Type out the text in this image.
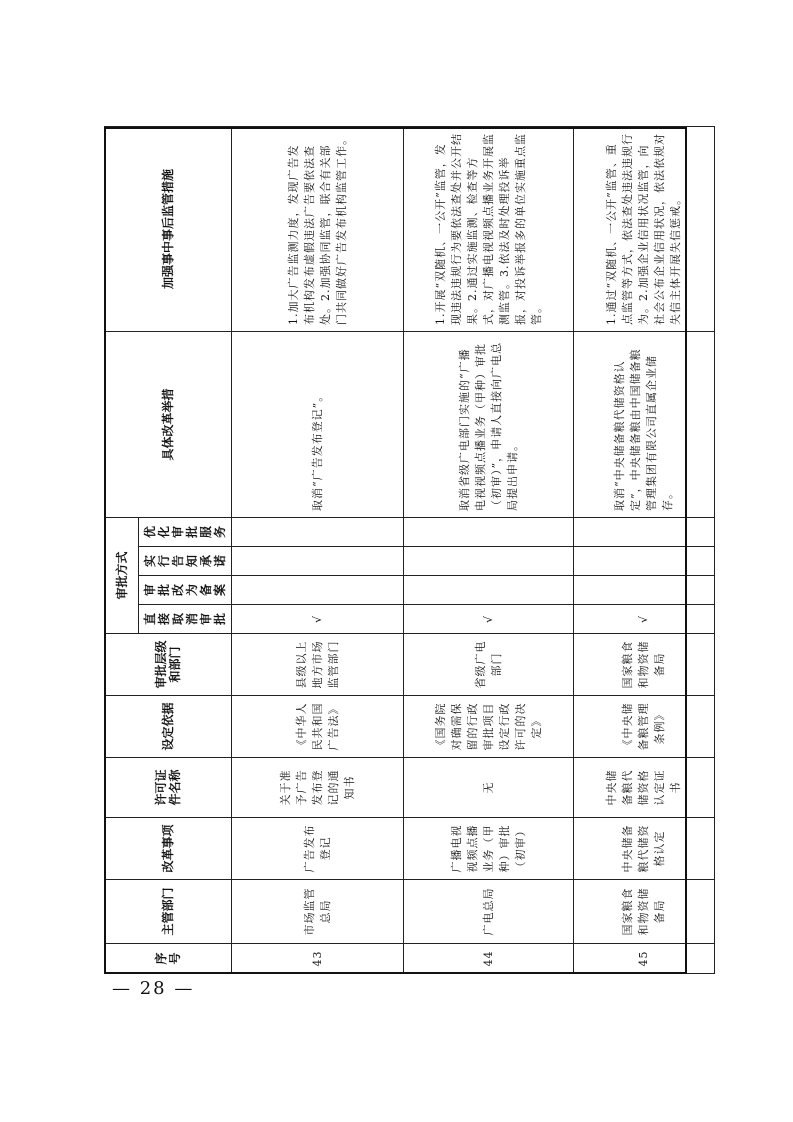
序号	主管部门	改革事项	许可证件名称	设定依据	审批层级和部门	审批方式				具体改革举措	加强事中事后监管措施
						直接取消审批	审批改为备案	实行告知承诺	优化审批服务		
43	市场监管总局	广告发布登记	关于准予广告发布登记的通知书	《中华人民共和国广告法》	县级以上地方市场监管部门	√				取消“广告发布登记”。	1.加大广告监测力度，发现广告发布机构发布虚假违法广告要依法查处。2.加强协同监管，联合有关部门共同做好广告发布机构监管工作。
44	广电总局	广播电视视频点播业务（甲种）审批（初审）	无	《国务院对确需保留的行政审批项目设定行政许可的决定》	省级广电部门	√				取消省级广电部门实施的“广播电视视频点播业务（甲种）审批（初审）”，申请人直接向广电总局提出申请。	1.开展“双随机、一公开”监管，发现违法违规行为要依法查处并公开结果。2.通过实施监测、检查等方式，对广播电视视频点播业务开展监测监管。3.依法及时处理投诉举报，对投诉举报多的单位实施重点监管。
45	国家粮食和物资储备局	中央储备粮代储资格认定	中央储备粮代储资格认定证书	《中央储备粮管理条例》	国家粮食和物资储备局	√				取消“中央储备粮代储资格认定”，中央储备粮由中国储备粮管理集团有限公司直属企业储存。	1.通过“双随机、一公开”监管、重点监管等方式，依法查处违法违规行为。2.加强企业信用状况监管，向社会公布企业信用状况，依法依规对失信主体开展失信惩戒。
— 28 —
